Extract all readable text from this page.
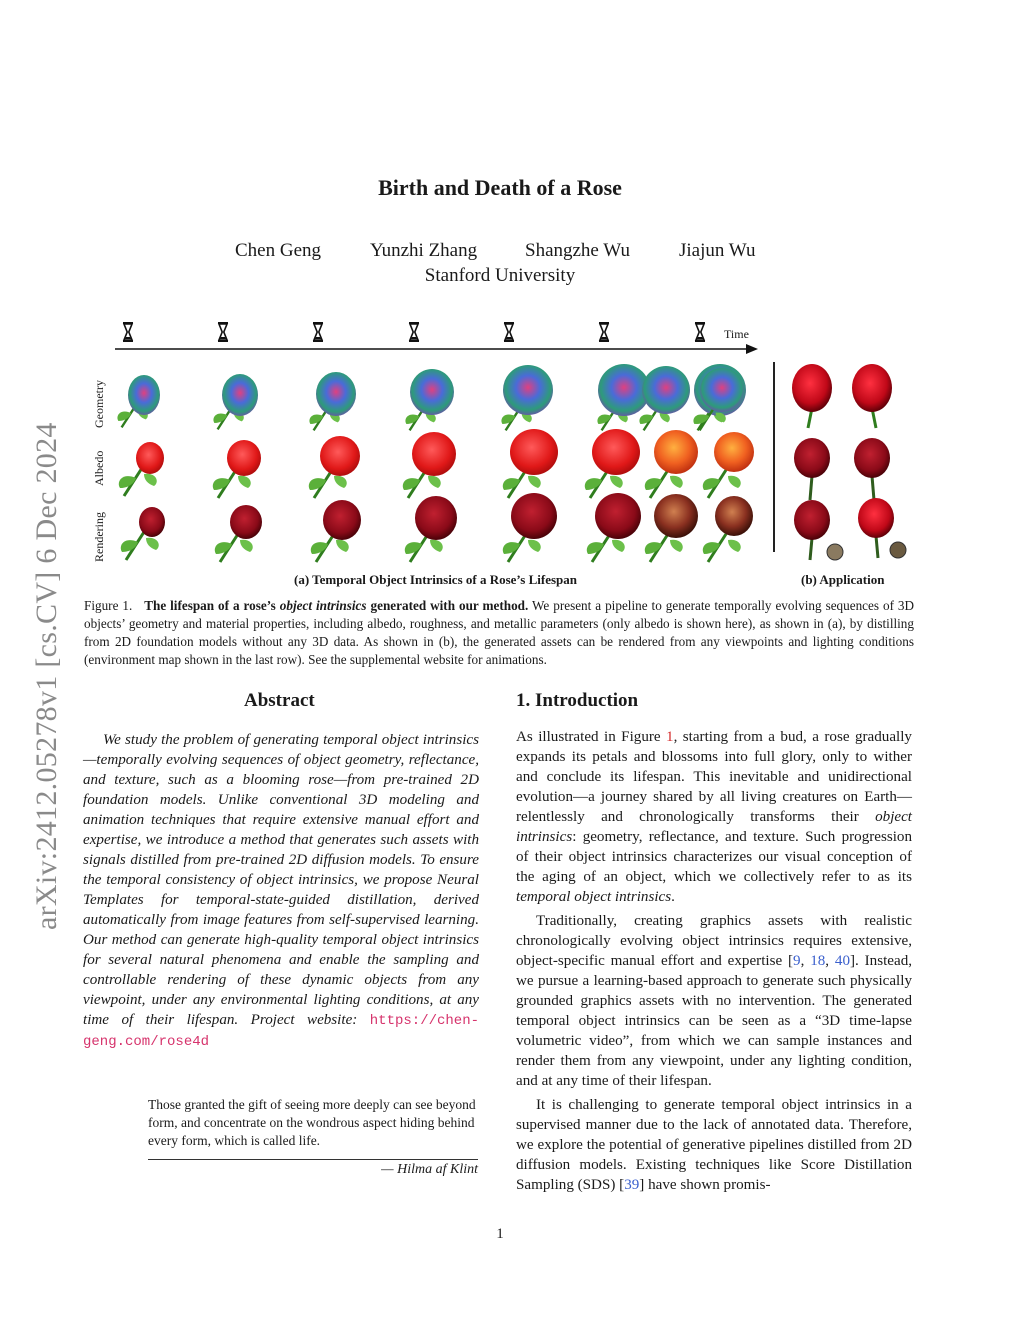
arXiv:2412.05278v1 [cs.CV] 6 Dec 2024
Birth and Death of a Rose
Chen Geng	Yunzhi Zhang	Shangzhe Wu	Jiajun Wu
Stanford University
Time
Geometry
Albedo
Rendering
(a) Temporal Object Intrinsics of a Rose’s Lifespan	(b) Application
Figure 1. The lifespan of a rose’s object intrinsics generated with our method. We present a pipeline to generate temporally evolving sequences of 3D objects’ geometry and material properties, including albedo, roughness, and metallic parameters (only albedo is shown here), as shown in (a), by distilling from 2D foundation models without any 3D data. As shown in (b), the generated assets can be rendered from any viewpoints and lighting conditions (environment map shown in the last row). See the supplemental website for animations.
Abstract
We study the problem of generating temporal object intrinsics—temporally evolving sequences of object geometry, reflectance, and texture, such as a blooming rose—from pre-trained 2D foundation models. Unlike conventional 3D modeling and animation techniques that require extensive manual effort and expertise, we introduce a method that generates such assets with signals distilled from pre-trained 2D diffusion models. To ensure the temporal consistency of object intrinsics, we propose Neural Templates for temporal-state-guided distillation, derived automatically from image features from self-supervised learning. Our method can generate high-quality temporal object intrinsics for several natural phenomena and enable the sampling and controllable rendering of these dynamic objects from any viewpoint, under any environmental lighting conditions, at any time of their lifespan. Project website: https://chen-geng.com/rose4d
Those granted the gift of seeing more deeply can see beyond form, and concentrate on the wondrous aspect hiding behind every form, which is called life.
— Hilma af Klint
1. Introduction

As illustrated in Figure 1, starting from a bud, a rose gradually expands its petals and blossoms into full glory, only to wither and conclude its lifespan. This inevitable and unidirectional evolution—a journey shared by all living creatures on Earth—relentlessly and chronologically transforms their object intrinsics: geometry, reflectance, and texture. Such progression of their object intrinsics characterizes our visual conception of the aging of an object, which we collectively refer to as its temporal object intrinsics.

Traditionally, creating graphics assets with realistic chronologically evolving object intrinsics requires extensive, object-specific manual effort and expertise [9, 18, 40]. Instead, we pursue a learning-based approach to generate such physically grounded graphics assets with no intervention. The generated temporal object intrinsics can be seen as a “3D time-lapse volumetric video”, from which we can sample instances and render them from any viewpoint, under any lighting condition, and at any time of their lifespan.

It is challenging to generate temporal object intrinsics in a supervised manner due to the lack of annotated data. Therefore, we explore the potential of generative pipelines distilled from 2D diffusion models. Existing techniques like Score Distillation Sampling (SDS) [39] have shown promis-

1
